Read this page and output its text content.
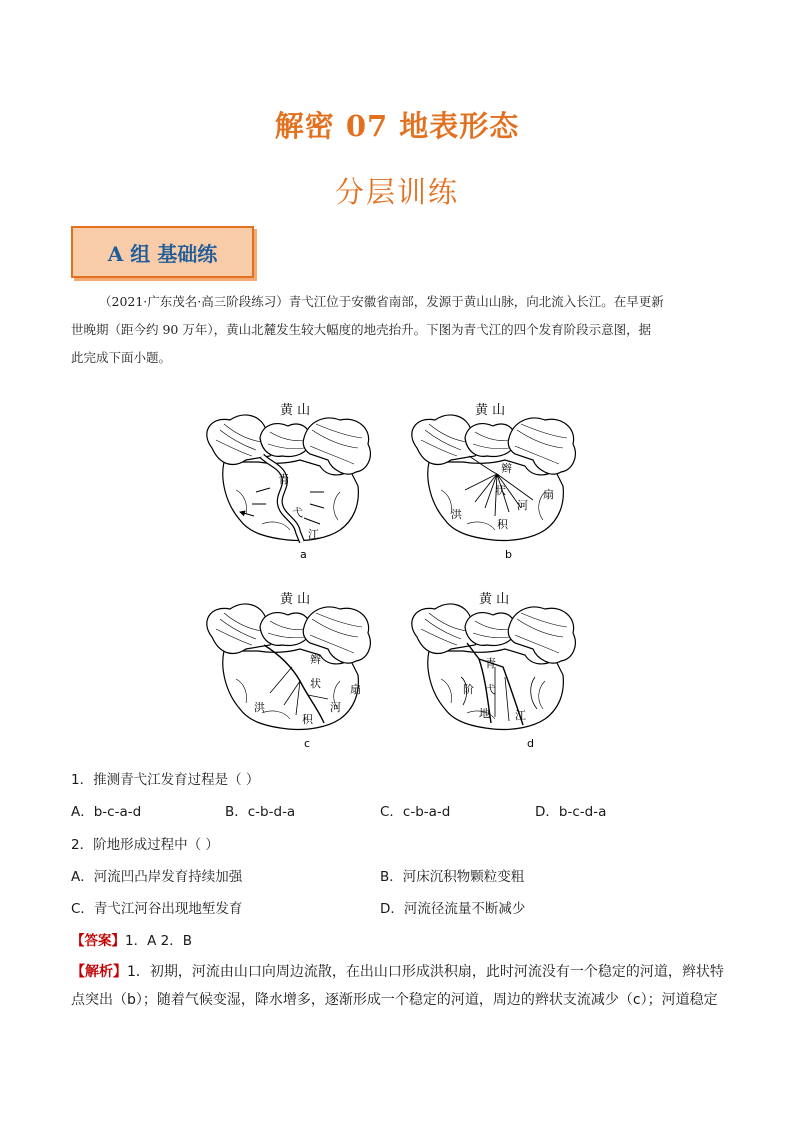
解密 07 地表形态
分层训练
A 组 基础练
（2021·广东茂名·高三阶段练习）青弋江位于安徽省南部，发源于黄山山脉，向北流入长江。在早更新
世晚期（距今约 90 万年），黄山北麓发生较大幅度的地壳抬升。下图为青弋江的四个发育阶段示意图，据
此完成下面小题。
青
弋
江
黄 山
a
辫
状
河
扇
洪
积
黄 山
b
辫
状	扇
洪
积
河
黄 山
c
青
弋
阶
地 江
黄 山
d
1．推测青弋江发育过程是（ ）
A．b-c-a-d	B．c-b-d-a	C．c-b-a-d	D．b-c-d-a
2．阶地形成过程中（ ）
A．河流凹凸岸发育持续加强	B．河床沉积物颗粒变粗
C．青弋江河谷出现地堑发育	D．河流径流量不断减少
【答案】1．A 2．B
【解析】1．初期，河流由山口向周边流散，在出山口形成洪积扇，此时河流没有一个稳定的河道，辫状特
点突出（b）；随着气候变湿，降水增多，逐渐形成一个稳定的河道，周边的辫状支流减少（c）；河道稳定
